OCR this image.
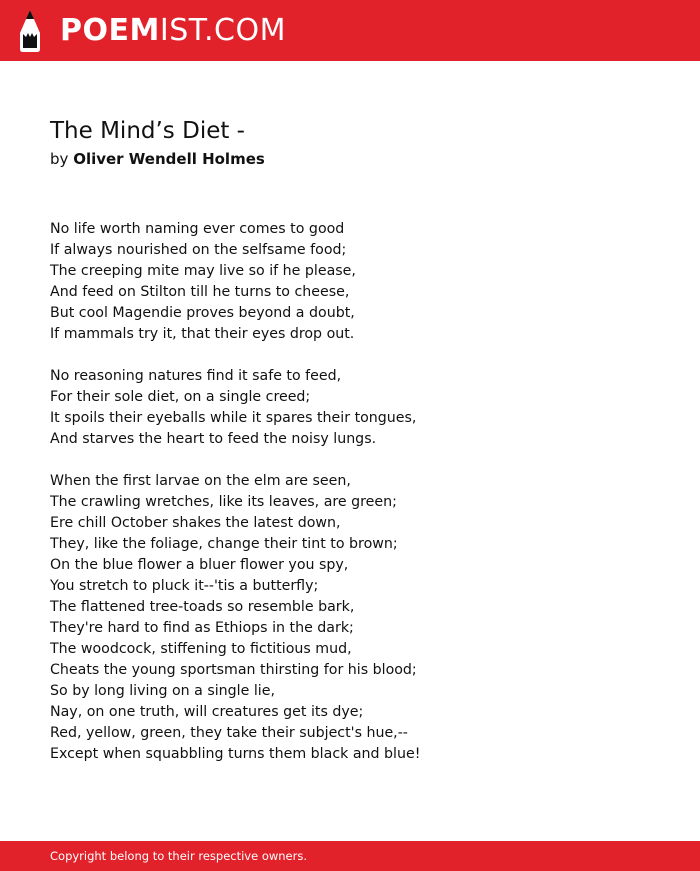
POEMIST.COM
The Mind’s Diet -
by Oliver Wendell Holmes
No life worth naming ever comes to good
If always nourished on the selfsame food;
The creeping mite may live so if he please,
And feed on Stilton till he turns to cheese,
But cool Magendie proves beyond a doubt,
If mammals try it, that their eyes drop out.
No reasoning natures find it safe to feed,
For their sole diet, on a single creed;
It spoils their eyeballs while it spares their tongues,
And starves the heart to feed the noisy lungs.
When the first larvae on the elm are seen,
The crawling wretches, like its leaves, are green;
Ere chill October shakes the latest down,
They, like the foliage, change their tint to brown;
On the blue flower a bluer flower you spy,
You stretch to pluck it--'tis a butterfly;
The flattened tree-toads so resemble bark,
They're hard to find as Ethiops in the dark;
The woodcock, stiffening to fictitious mud,
Cheats the young sportsman thirsting for his blood;
So by long living on a single lie,
Nay, on one truth, will creatures get its dye;
Red, yellow, green, they take their subject's hue,--
Except when squabbling turns them black and blue!
Copyright belong to their respective owners.
